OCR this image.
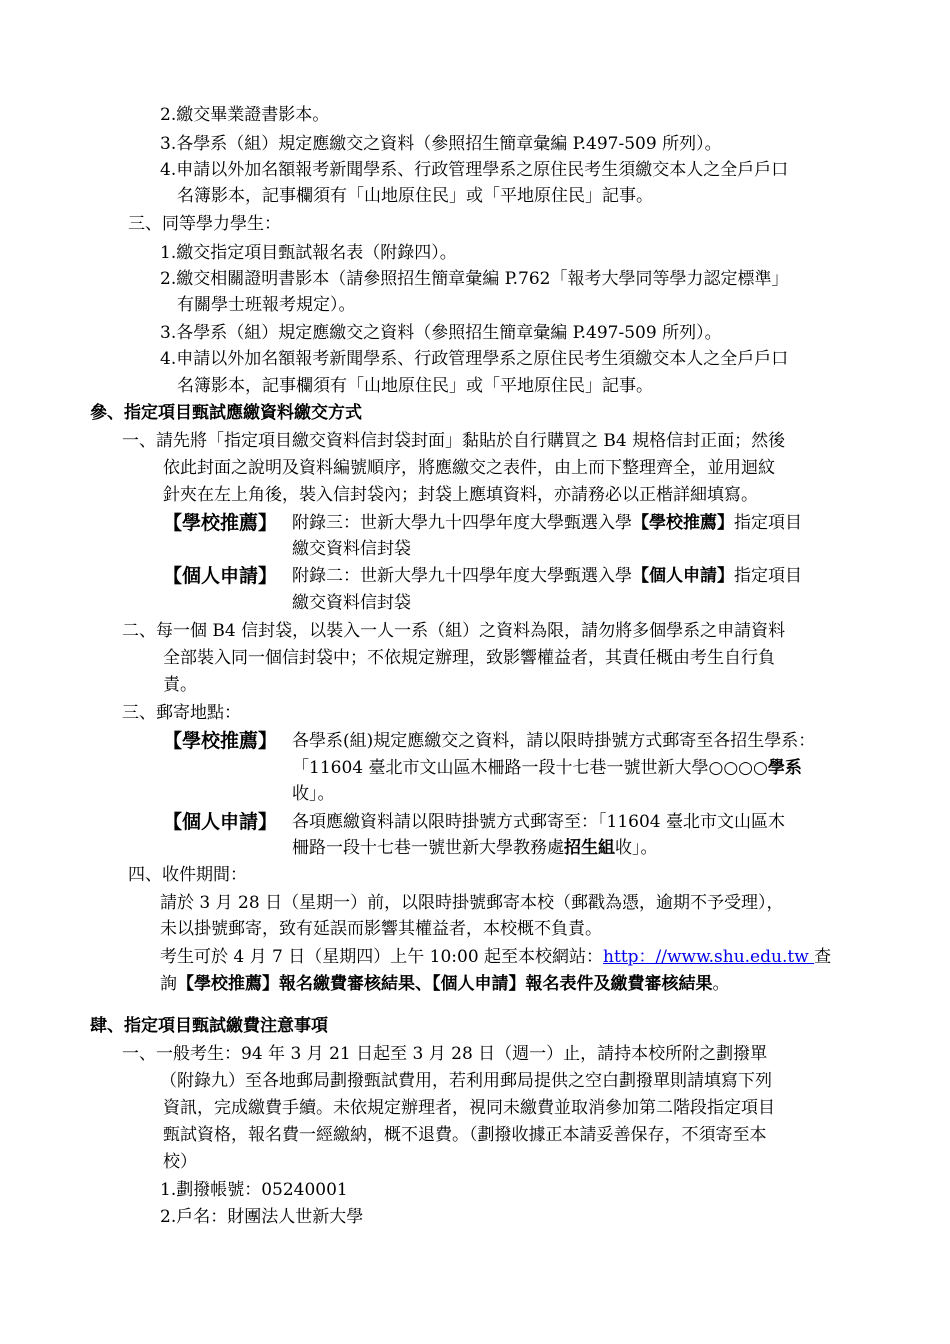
2.繳交畢業證書影本。
3.各學系（組）規定應繳交之資料（參照招生簡章彙編 P.497-509 所列）。
4.申請以外加名額報考新聞學系、行政管理學系之原住民考生須繳交本人之全戶戶口
名簿影本，記事欄須有「山地原住民」或「平地原住民」記事。
三、同等學力學生：
1.繳交指定項目甄試報名表（附錄四）。
2.繳交相關證明書影本（請參照招生簡章彙編 P.762「報考大學同等學力認定標準」
有關學士班報考規定）。
3.各學系（組）規定應繳交之資料（參照招生簡章彙編 P.497-509 所列）。
4.申請以外加名額報考新聞學系、行政管理學系之原住民考生須繳交本人之全戶戶口
名簿影本，記事欄須有「山地原住民」或「平地原住民」記事。
參、指定項目甄試應繳資料繳交方式
一、請先將「指定項目繳交資料信封袋封面」黏貼於自行購買之 B4 規格信封正面；然後
依此封面之說明及資料編號順序，將應繳交之表件，由上而下整理齊全，並用迴紋
針夾在左上角後，裝入信封袋內；封袋上應填資料，亦請務必以正楷詳細填寫。
【學校推薦】 附錄三：世新大學九十四學年度大學甄選入學【學校推薦】指定項目
繳交資料信封袋
【個人申請】 附錄二：世新大學九十四學年度大學甄選入學【個人申請】指定項目
繳交資料信封袋
二、每一個 B4 信封袋，以裝入一人一系（組）之資料為限，請勿將多個學系之申請資料
全部裝入同一個信封袋中；不依規定辦理，致影響權益者，其責任概由考生自行負
責。
三、郵寄地點：
【學校推薦】 各學系(組)規定應繳交之資料，請以限時掛號方式郵寄至各招生學系：
「11604 臺北市文山區木柵路一段十七巷一號世新大學○○○○學系
收」。
【個人申請】 各項應繳資料請以限時掛號方式郵寄至：「11604 臺北市文山區木
柵路一段十七巷一號世新大學教務處招生組收」。
四、收件期間：
請於 3 月 28 日（星期一）前，以限時掛號郵寄本校（郵戳為憑，逾期不予受理），
未以掛號郵寄，致有延誤而影響其權益者，本校概不負責。
考生可於 4 月 7 日（星期四）上午 10:00 起至本校網站：http：//www.shu.edu.tw 查
詢【學校推薦】報名繳費審核結果、【個人申請】報名表件及繳費審核結果。
肆、指定項目甄試繳費注意事項
一、一般考生：94 年 3 月 21 日起至 3 月 28 日（週一）止，請持本校所附之劃撥單
（附錄九）至各地郵局劃撥甄試費用，若利用郵局提供之空白劃撥單則請填寫下列
資訊，完成繳費手續。未依規定辦理者，視同未繳費並取消參加第二階段指定項目
甄試資格，報名費一經繳納，概不退費。（劃撥收據正本請妥善保存，不須寄至本
校）
1.劃撥帳號：05240001
2.戶名：財團法人世新大學
